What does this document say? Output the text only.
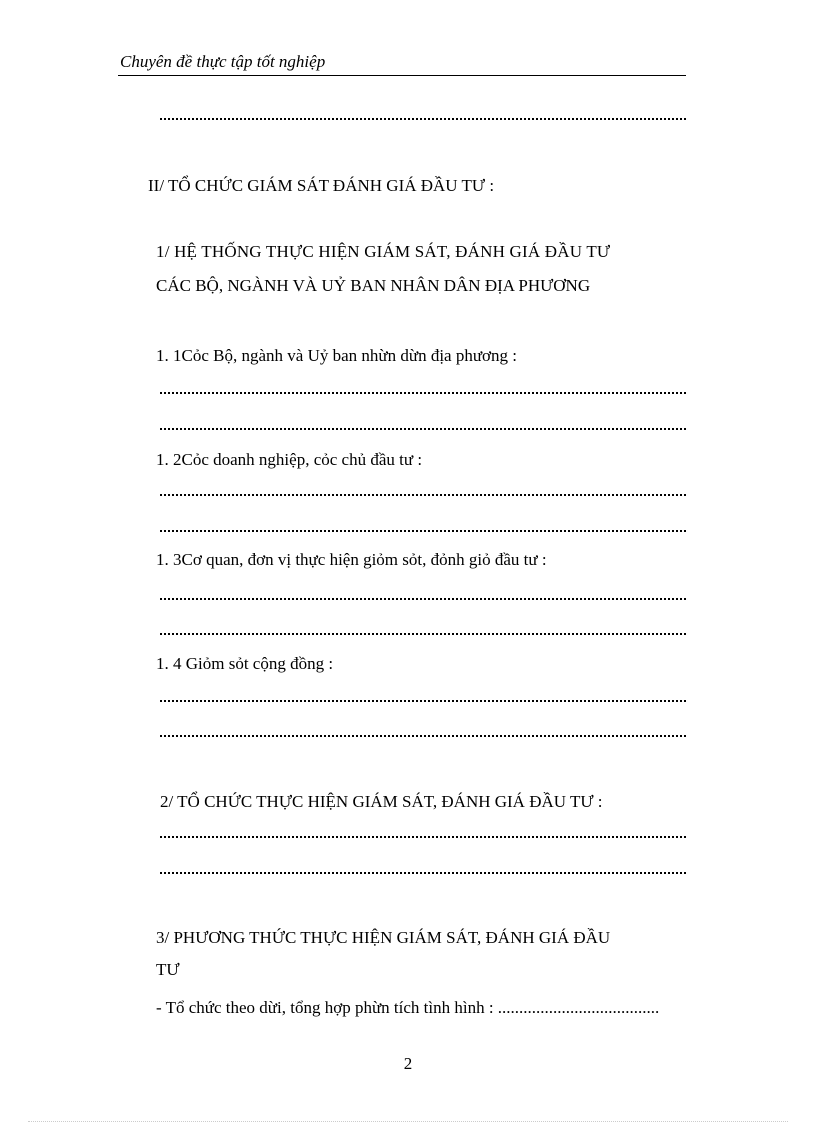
Chuyên đề thực tập tốt nghiệp
II/ TỔ CHỨC GIÁM SÁT ĐÁNH GIÁ ĐẦU TƯ :
1/ HỆ THỐNG THỰC HIỆN GIÁM SÁT, ĐÁNH GIÁ ĐẦU TƯ
CÁC BỘ, NGÀNH VÀ UỶ BAN NHÂN DÂN ĐỊA PHƯƠNG
1. 1Cỏc Bộ, ngành và Uỷ ban nhừn dừn địa phương :
1. 2Cỏc doanh nghiệp, cỏc chủ đầu tư :
1. 3Cơ quan, đơn vị thực hiện giỏm sỏt, đỏnh giỏ đầu tư :
1. 4 Giỏm sỏt cộng đồng :
2/ TỔ CHỨC THỰC HIỆN GIÁM SÁT, ĐÁNH GIÁ ĐẦU TƯ :
3/ PHƯƠNG THỨC THỰC HIỆN GIÁM SÁT, ĐÁNH GIÁ ĐẦU
TƯ
- Tổ chức theo dừi, tổng hợp phừn tích tình hình : ......................................
2
